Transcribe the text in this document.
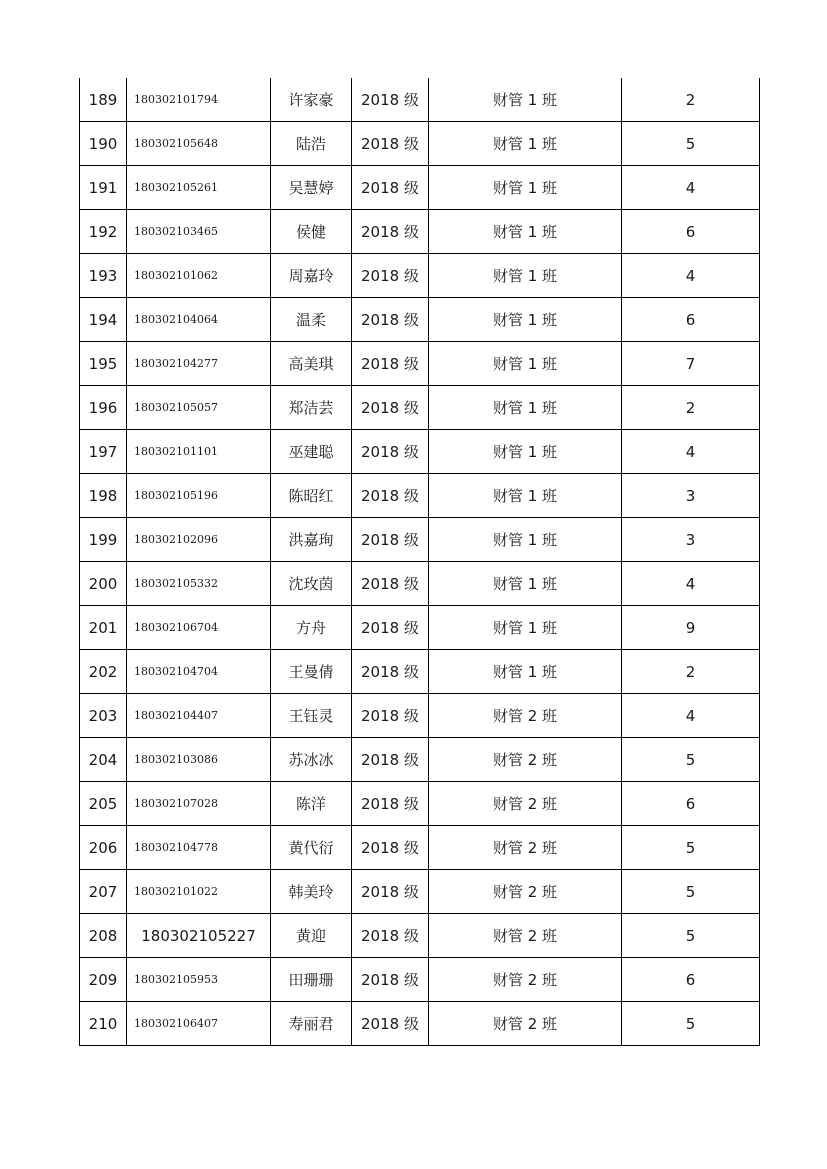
189	180302101794	许家豪	2018 级	财管 1 班	2
190	180302105648	陆浩	2018 级	财管 1 班	5
191	180302105261	吴慧婷	2018 级	财管 1 班	4
192	180302103465	侯健	2018 级	财管 1 班	6
193	180302101062	周嘉玲	2018 级	财管 1 班	4
194	180302104064	温柔	2018 级	财管 1 班	6
195	180302104277	高美琪	2018 级	财管 1 班	7
196	180302105057	郑洁芸	2018 级	财管 1 班	2
197	180302101101	巫建聪	2018 级	财管 1 班	4
198	180302105196	陈昭红	2018 级	财管 1 班	3
199	180302102096	洪嘉珣	2018 级	财管 1 班	3
200	180302105332	沈玫茵	2018 级	财管 1 班	4
201	180302106704	方舟	2018 级	财管 1 班	9
202	180302104704	王曼倩	2018 级	财管 1 班	2
203	180302104407	王钰灵	2018 级	财管 2 班	4
204	180302103086	苏冰冰	2018 级	财管 2 班	5
205	180302107028	陈洋	2018 级	财管 2 班	6
206	180302104778	黄代衍	2018 级	财管 2 班	5
207	180302101022	韩美玲	2018 级	财管 2 班	5
208	180302105227	黄迎	2018 级	财管 2 班	5
209	180302105953	田珊珊	2018 级	财管 2 班	6
210	180302106407	寿丽君	2018 级	财管 2 班	5
